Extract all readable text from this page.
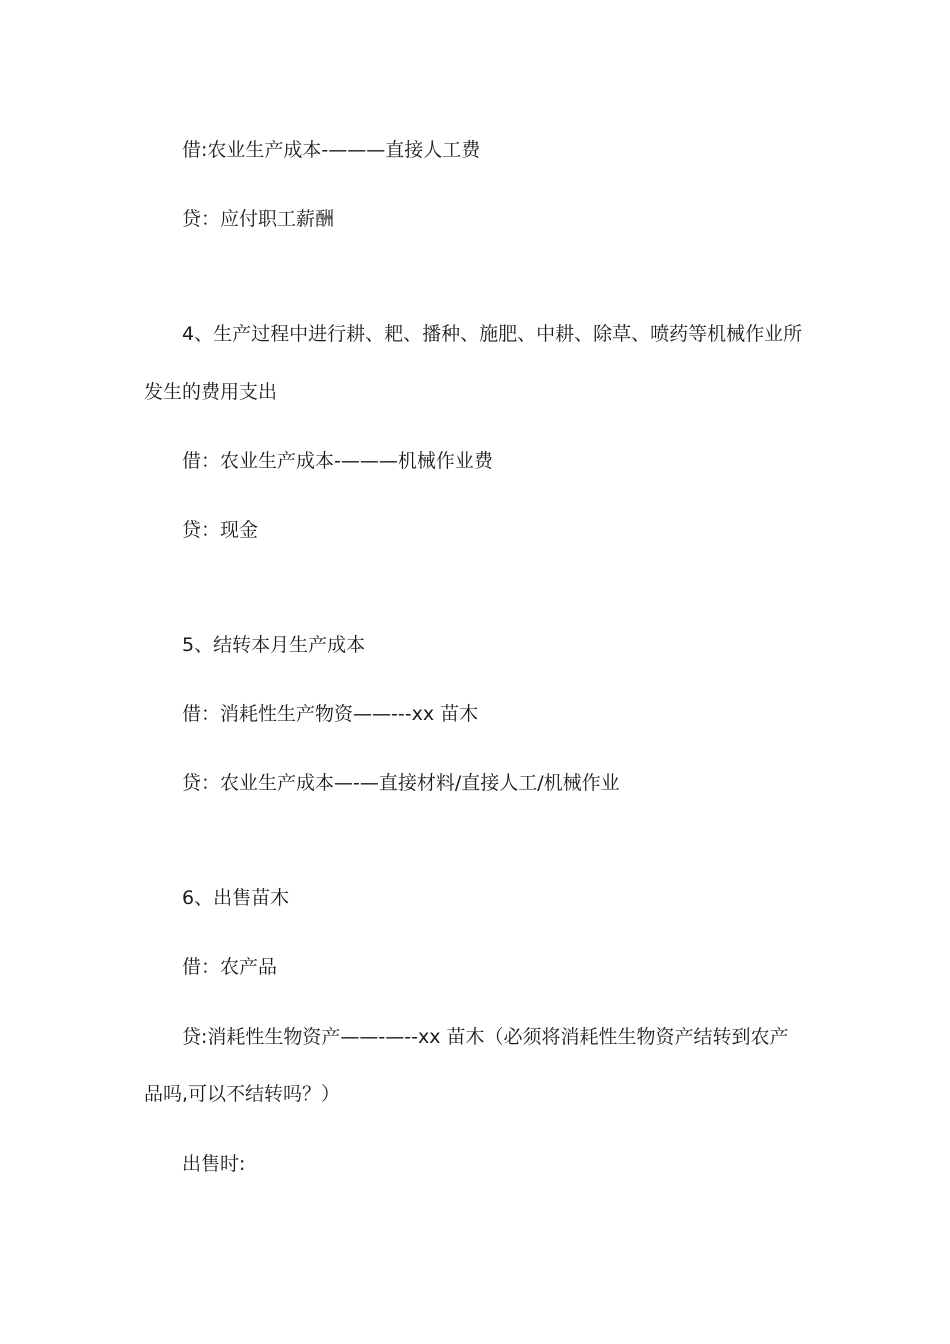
借:农业生产成本-———直接人工费
贷：应付职工薪酬
4、生产过程中进行耕、耙、播种、施肥、中耕、除草、喷药等机械作业所
发生的费用支出
借：农业生产成本-———机械作业费
贷：现金
5、结转本月生产成本
借：消耗性生产物资——---xx 苗木
贷：农业生产成本—-—直接材料/直接人工/机械作业
6、出售苗木
借：农产品
贷:消耗性生物资产——-—--xx 苗木（必须将消耗性生物资产结转到农产
品吗,可以不结转吗？）
出售时:
